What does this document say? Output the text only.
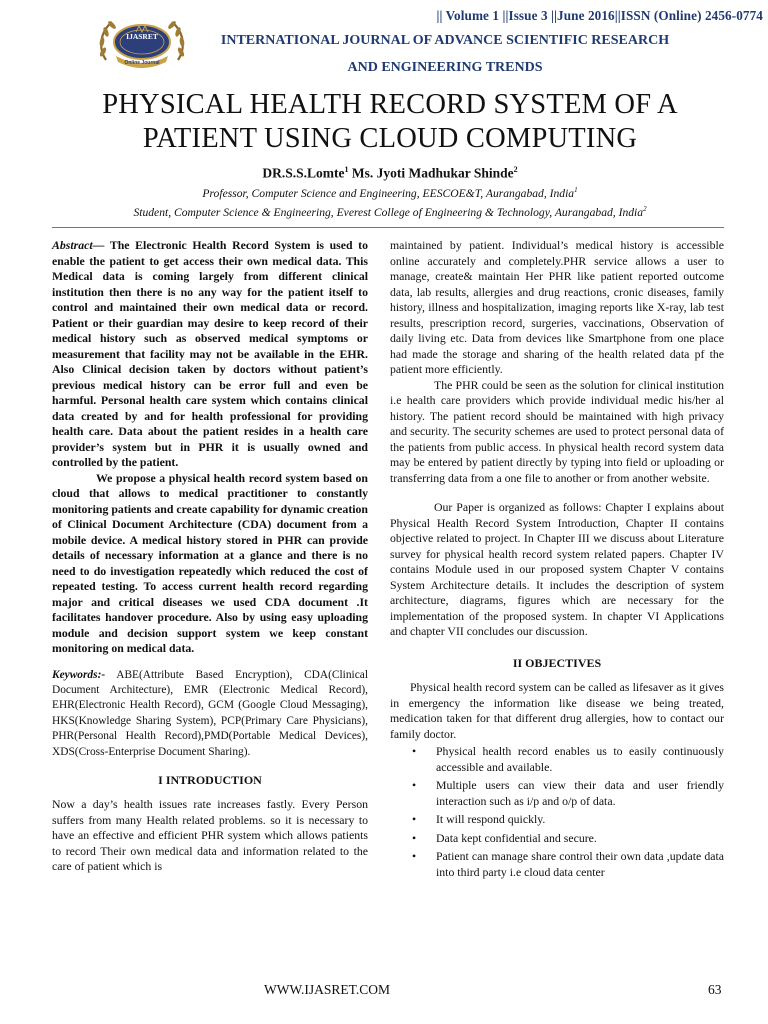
|| Volume 1 ||Issue 3 ||June 2016||ISSN (Online) 2456-0774
IJASRET
Online Journal
INTERNATIONAL JOURNAL OF ADVANCE SCIENTIFIC RESEARCH
AND ENGINEERING TRENDS
PHYSICAL HEALTH RECORD SYSTEM OF A
PATIENT USING CLOUD COMPUTING
DR.S.S.Lomte$^1$ Ms. Jyoti Madhukar Shinde$^2$
Professor, Computer Science and Engineering, EESCOE&T, Aurangabad, India$^1$
Student, Computer Science & Engineering, Everest College of Engineering & Technology, Aurangabad, India$^2$

Abstract— The Electronic Health Record System is used to enable the patient to get access their own medical data. This Medical data is coming largely from different clinical institution then there is no any way for the patient itself to control and maintained their own medical data or record. Patient or their guardian may desire to keep record of their medical history such as observed medical symptoms or measurement that facility may not be available in the EHR. Also Clinical decision taken by doctors without patient’s previous medical history can be error full and even be harmful. Personal health care system which contains clinical data created by and for health professional for providing health care. Data about the patient resides in a health care provider’s system but in PHR it is usually owned and controlled by the patient.

We propose a physical health record system based on cloud that allows to medical practitioner to constantly monitoring patients and create capability for dynamic creation of Clinical Document Architecture (CDA) document from a mobile device. A medical history stored in PHR can provide details of necessary information at a glance and there is no need to do investigation repeatedly which reduced the cost of repeated testing. To access current health record regarding major and critical diseases we used CDA document .It facilitates handover procedure. Also by using easy uploading module and decision support system we keep constant monitoring on medical data.

Keywords:- ABE(Attribute Based Encryption), CDA(Clinical Document Architecture), EMR (Electronic Medical Record), EHR(Electronic Health Record), GCM (Google Cloud Messaging), HKS(Knowledge Sharing System), PCP(Primary Care Physicians), PHR(Personal Health Record),PMD(Portable Medical Devices), XDS(Cross-Enterprise Document Sharing).

I INTRODUCTION

Now a day’s health issues rate increases fastly. Every Person suffers from many Health related problems. so it is necessary to have an effective and efficient PHR system which allows patients to record Their own medical data and information related to the care of patient which is

maintained by patient. Individual’s medical history is accessible online accurately and completely.PHR service allows a user to manage, create& maintain Her PHR like patient reported outcome data, lab results, allergies and drug reactions, cronic diseases, family history, illness and hospitalization, imaging reports like X-ray, lab test results, prescription record, surgeries, vaccinations, Observation of daily living etc. Data from devices like Smartphone from one place had made the storage and sharing of the health related data pf the patient more efficiently.

The PHR could be seen as the solution for clinical institution i.e health care providers which provide individual medic his/her al history. The patient record should be maintained with high privacy and security. The security schemes are used to protect personal data of the patients from public access. In physical health record system data may be entered by patient directly by typing into field or uploading or transferring data from a one file to another or from another website.

Our Paper is organized as follows: Chapter I explains about Physical Health Record System Introduction, Chapter II contains objective related to project. In Chapter III we discuss about Literature survey for physical health record system related papers. Chapter IV contains Module used in our proposed system Chapter V contains System Architecture details. It includes the description of system architecture, diagrams, figures which are necessary for the implementation of the proposed system. In chapter VI Applications and chapter VII concludes our discussion.

II OBJECTIVES

Physical health record system can be called as lifesaver as it gives in emergency the information like disease we being treated, medication taken for that different drug allergies, how to contact our family doctor.

• Physical health record enables us to easily continuously accessible and available.
• Multiple users can view their data and user friendly interaction such as i/p and o/p of data.
• It will respond quickly.
• Data kept confidential and secure.
• Patient can manage share control their own data ,update data into third party i.e cloud data center
WWW.IJASRET.COM	63
